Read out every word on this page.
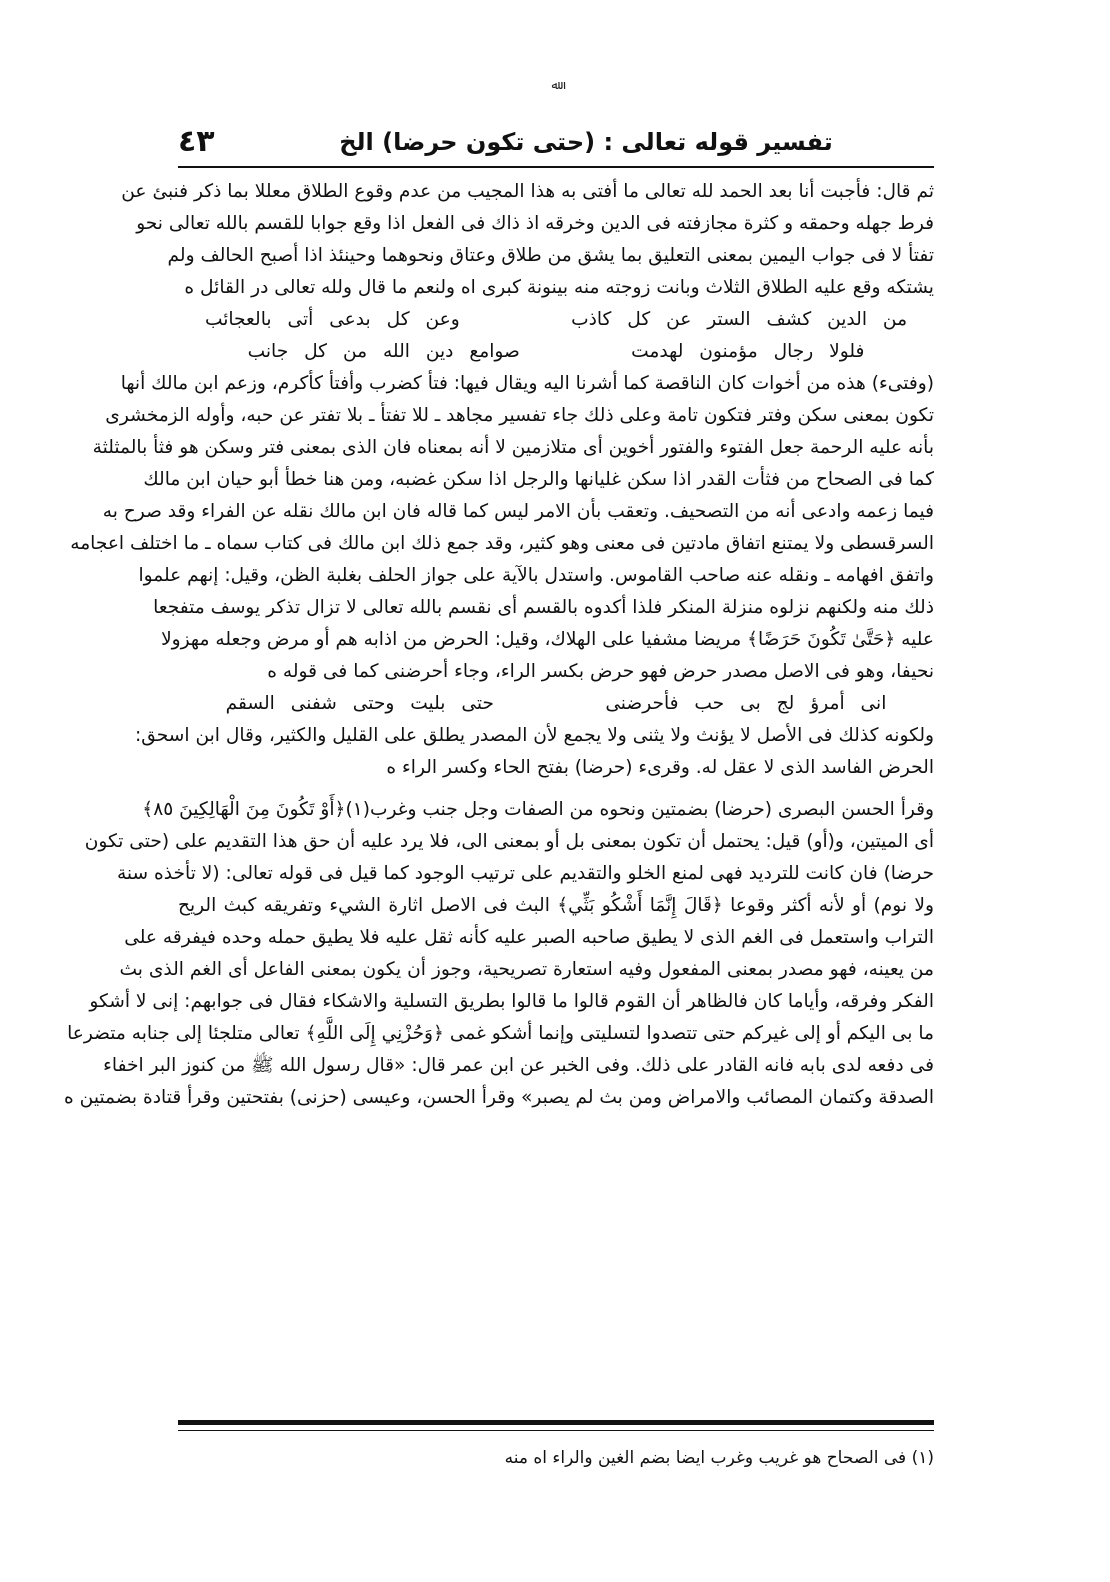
ﷲ
تفسير قوله تعالى : (حتى تكون حرضا) الخ
٤٣
ثم قال: فأجبت أنا بعد الحمد لله تعالى ما أفتى به هذا المجيب من عدم وقوع الطلاق معللا بما ذكر فنبئ عن
فرط جهله وحمقه و كثرة مجازفته فى الدين وخرقه اذ ذاك فى الفعل اذا وقع جوابا للقسم بالله تعالى نحو
تفتأ لا فى جواب اليمين بمعنى التعليق بما يشق من طلاق وعتاق ونحوهما وحينئذ اذا أصبح الحالف ولم
يشتكه وقع عليه الطلاق الثلاث وبانت زوجته منه بينونة كبرى اه ولنعم ما قال ولله تعالى در القائل ه
من الدين كشف الستر عن كل كاذب       وعن كل بدعى أتى بالعجائب
فلولا رجال مؤمنون لهدمت       صوامع دين الله من كل جانب
(وفتىء) هذه من أخوات كان الناقصة كما أشرنا اليه ويقال فيها: فتأ كضرب وأفتأ كأكرم، وزعم ابن مالك أنها
تكون بمعنى سكن وفتر فتكون تامة وعلى ذلك جاء تفسير مجاهد ـ للا تفتأ ـ بلا تفتر عن حبه، وأوله الزمخشرى
بأنه عليه الرحمة جعل الفتوء والفتور أخوين أى متلازمين لا أنه بمعناه فان الذى بمعنى فتر وسكن هو فثأ بالمثلثة
كما فى الصحاح من فثأت القدر اذا سكن غليانها والرجل اذا سكن غضبه، ومن هنا خطأ أبو حيان ابن مالك
فيما زعمه وادعى أنه من التصحيف. وتعقب بأن الامر ليس كما قاله فان ابن مالك نقله عن الفراء وقد صرح به
السرقسطى ولا يمتنع اتفاق مادتين فى معنى وهو كثير، وقد جمع ذلك ابن مالك فى كتاب سماه ـ ما اختلف اعجامه
واتفق افهامه ـ ونقله عنه صاحب القاموس. واستدل بالآية على جواز الحلف بغلبة الظن، وقيل: إنهم علموا
ذلك منه ولكنهم نزلوه منزلة المنكر فلذا أكدوه بالقسم أى نقسم بالله تعالى لا تزال تذكر يوسف متفجعا
عليه ﴿حَتَّىٰ تَكُونَ حَرَضًا﴾ مريضا مشفيا على الهلاك، وقيل: الحرض من اذابه هم أو مرض وجعله مهزولا
نحيفا، وهو فى الاصل مصدر حرض فهو حرض بكسر الراء، وجاء أحرضنى كما فى قوله ه
انى أمرؤ لج بى حب فأحرضنى       حتى بليت وحتى شفنى السقم
ولكونه كذلك فى الأصل لا يؤنث ولا يثنى ولا يجمع لأن المصدر يطلق على القليل والكثير، وقال ابن اسحق:
الحرض الفاسد الذى لا عقل له. وقرىء (حرضا) بفتح الحاء وكسر الراء ه
وقرأ الحسن البصرى (حرضا) بضمتين ونحوه من الصفات وجل جنب وغرب(١)﴿أَوْ تَكُونَ مِنَ الْهَالِكِينَ ٨٥﴾
أى الميتين، و(أو) قيل: يحتمل أن تكون بمعنى بل أو بمعنى الى، فلا يرد عليه أن حق هذا التقديم على (حتى تكون
حرضا) فان كانت للترديد فهى لمنع الخلو والتقديم على ترتيب الوجود كما قيل فى قوله تعالى: (لا تأخذه سنة
ولا نوم) أو لأنه أكثر وقوعا ﴿قَالَ إِنَّمَا أَشْكُو بَثِّي﴾ البث فى الاصل اثارة الشيء وتفريقه كبث الريح
التراب واستعمل فى الغم الذى لا يطيق صاحبه الصبر عليه كأنه ثقل عليه فلا يطيق حمله وحده فيفرقه على
من يعينه، فهو مصدر بمعنى المفعول وفيه استعارة تصريحية، وجوز أن يكون بمعنى الفاعل أى الغم الذى بث
الفكر وفرقه، وأياما كان فالظاهر أن القوم قالوا ما قالوا بطريق التسلية والاشكاء فقال فى جوابهم: إنى لا أشكو
ما بى اليكم أو إلى غيركم حتى تتصدوا لتسليتى وإنما أشكو غمى ﴿وَحُزْنِي إِلَى اللَّهِ﴾ تعالى متلجئا إلى جنابه متضرعا
فى دفعه لدى بابه فانه القادر على ذلك. وفى الخبر عن ابن عمر قال: «قال رسول الله ﷺ من كنوز البر اخفاء
الصدقة وكتمان المصائب والامراض ومن بث لم يصبر» وقرأ الحسن، وعيسى (حزنى) بفتحتين وقرأ قتادة بضمتين ه
(١) فى الصحاح هو غريب وغرب ايضا بضم الغين والراء اه منه
